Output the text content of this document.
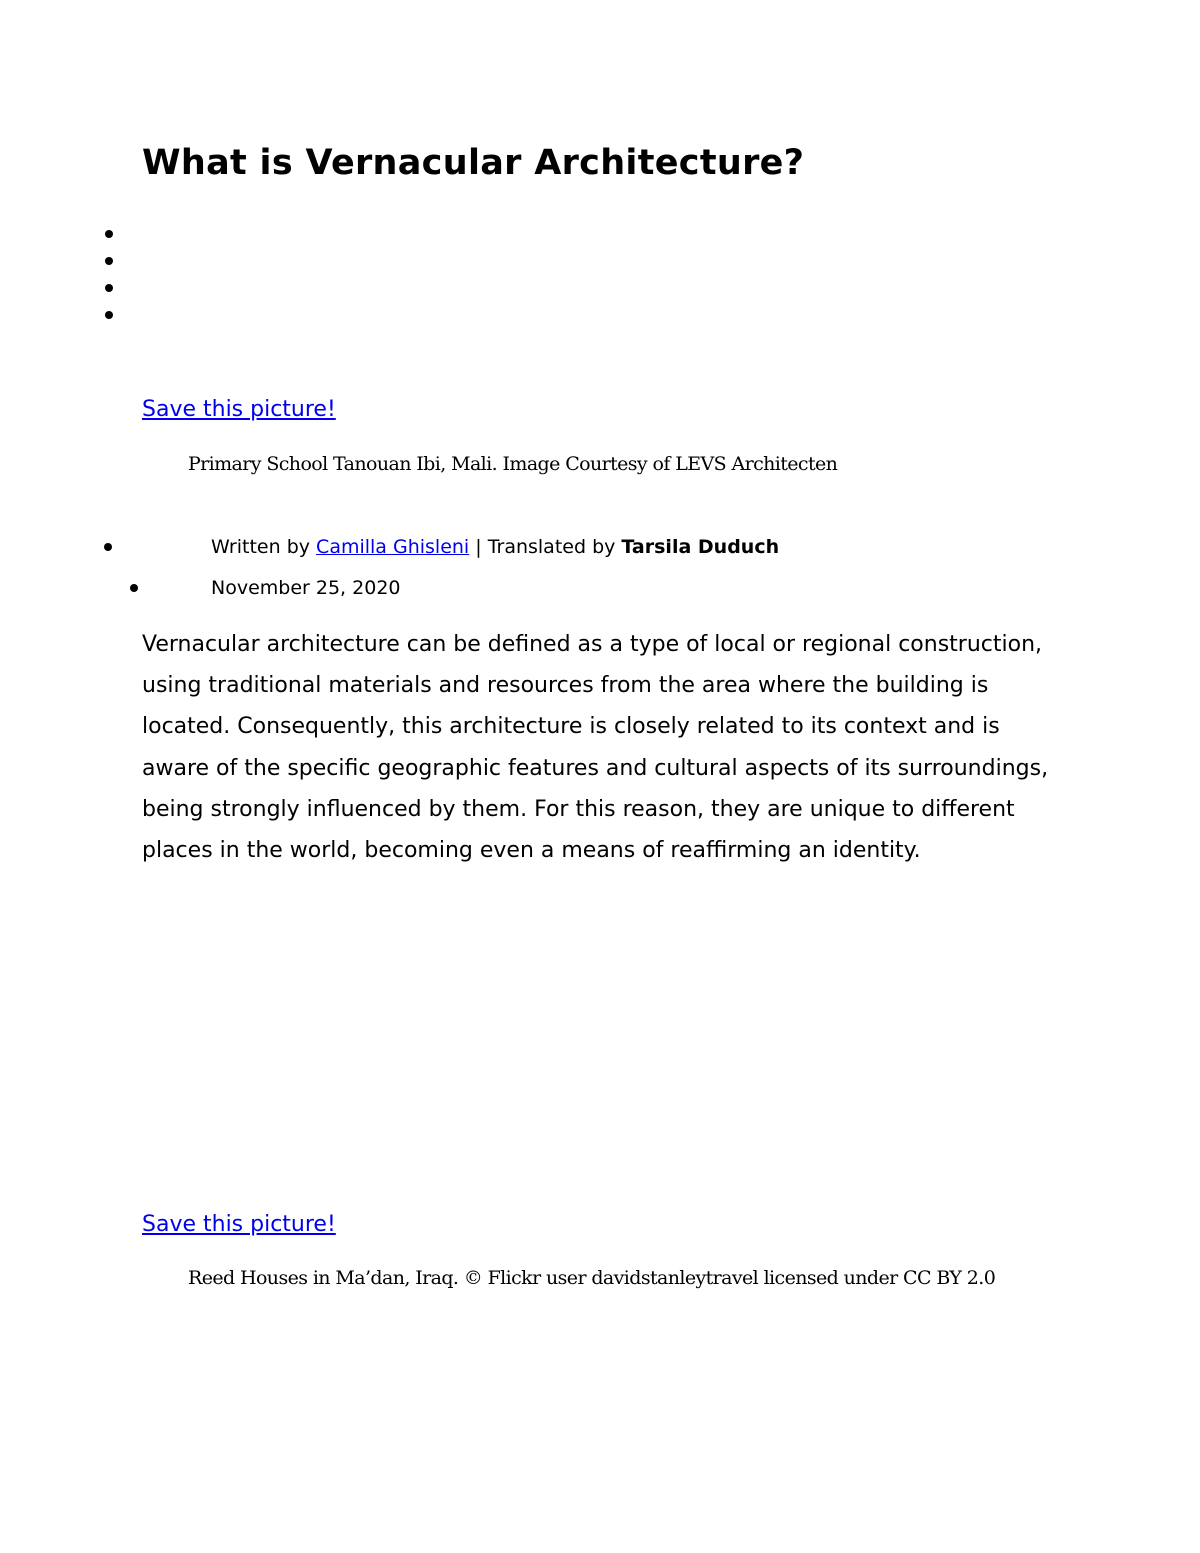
What is Vernacular Architecture?
Save this picture!
Primary School Tanouan Ibi, Mali. Image Courtesy of LEVS Architecten
Written by Camilla Ghisleni | Translated by Tarsila Duduch
November 25, 2020

Vernacular architecture can be defined as a type of local or regional construction, using traditional materials and resources from the area where the building is located. Consequently, this architecture is closely related to its context and is aware of the specific geographic features and cultural aspects of its surroundings, being strongly influenced by them. For this reason, they are unique to different places in the world, becoming even a means of reaffirming an identity.

Save this picture!
Reed Houses in Ma’dan, Iraq. © Flickr user davidstanleytravel licensed under CC BY 2.0
